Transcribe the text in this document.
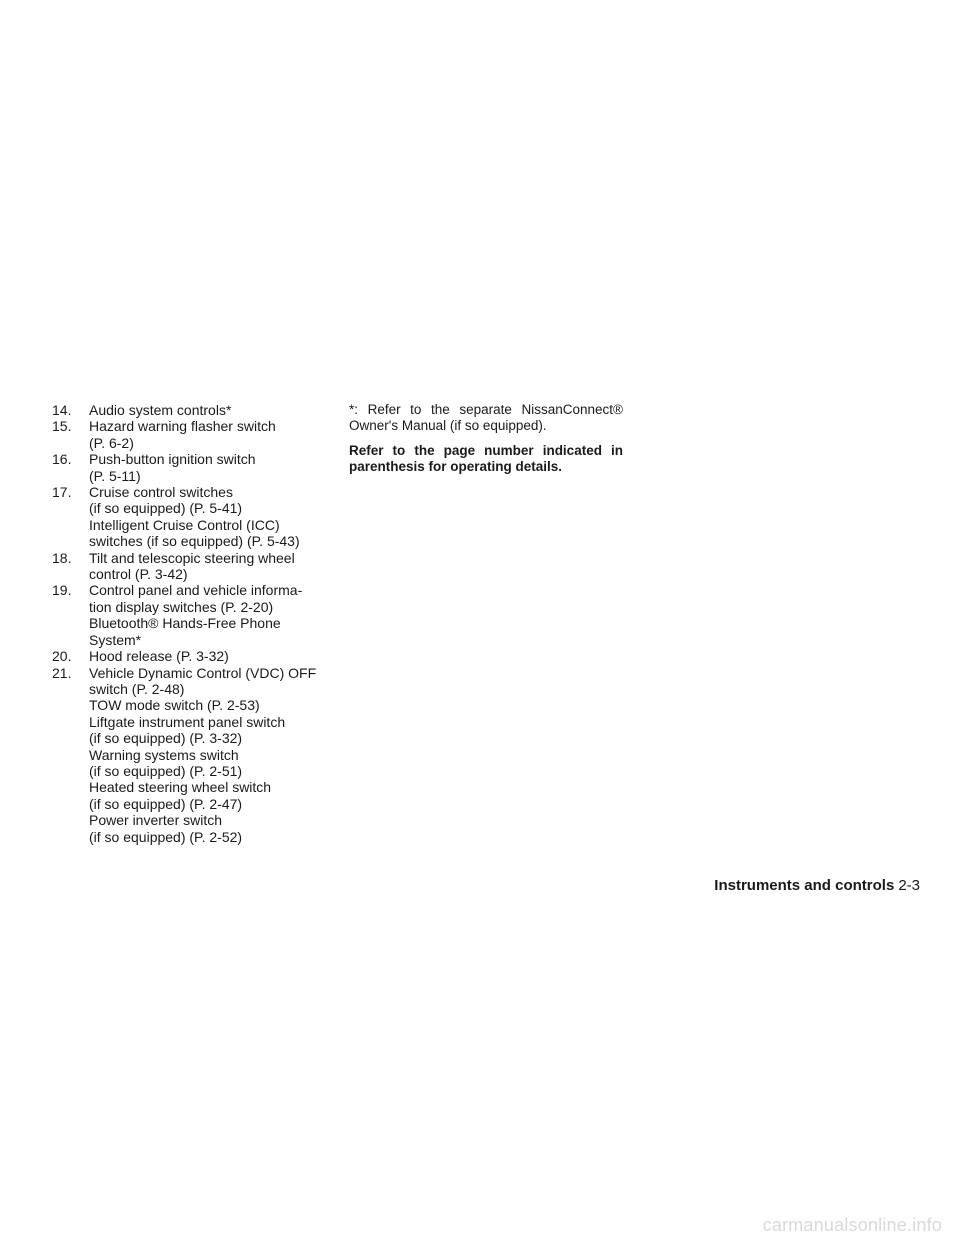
14.	Audio system controls*
15.	Hazard warning flasher switch
(P. 6-2)
16.	Push-button ignition switch
(P. 5-11)
17.	Cruise control switches
(if so equipped) (P. 5-41)
Intelligent Cruise Control (ICC)
switches (if so equipped) (P. 5-43)
18.	Tilt and telescopic steering wheel
control (P. 3-42)
19.	Control panel and vehicle informa-
tion display switches (P. 2-20)
Bluetooth® Hands-Free Phone
System*
20.	Hood release (P. 3-32)
21.	Vehicle Dynamic Control (VDC) OFF
switch (P. 2-48)
TOW mode switch (P. 2-53)
Liftgate instrument panel switch
(if so equipped) (P. 3-32)
Warning systems switch
(if so equipped) (P. 2-51)
Heated steering wheel switch
(if so equipped) (P. 2-47)
Power inverter switch
(if so equipped) (P. 2-52)
*: Refer to the separate NissanConnect®
Owner's Manual (if so equipped).
Refer to the page number indicated in
parenthesis for operating details.
Instruments and controls 2-3
carmanualsonline.info
